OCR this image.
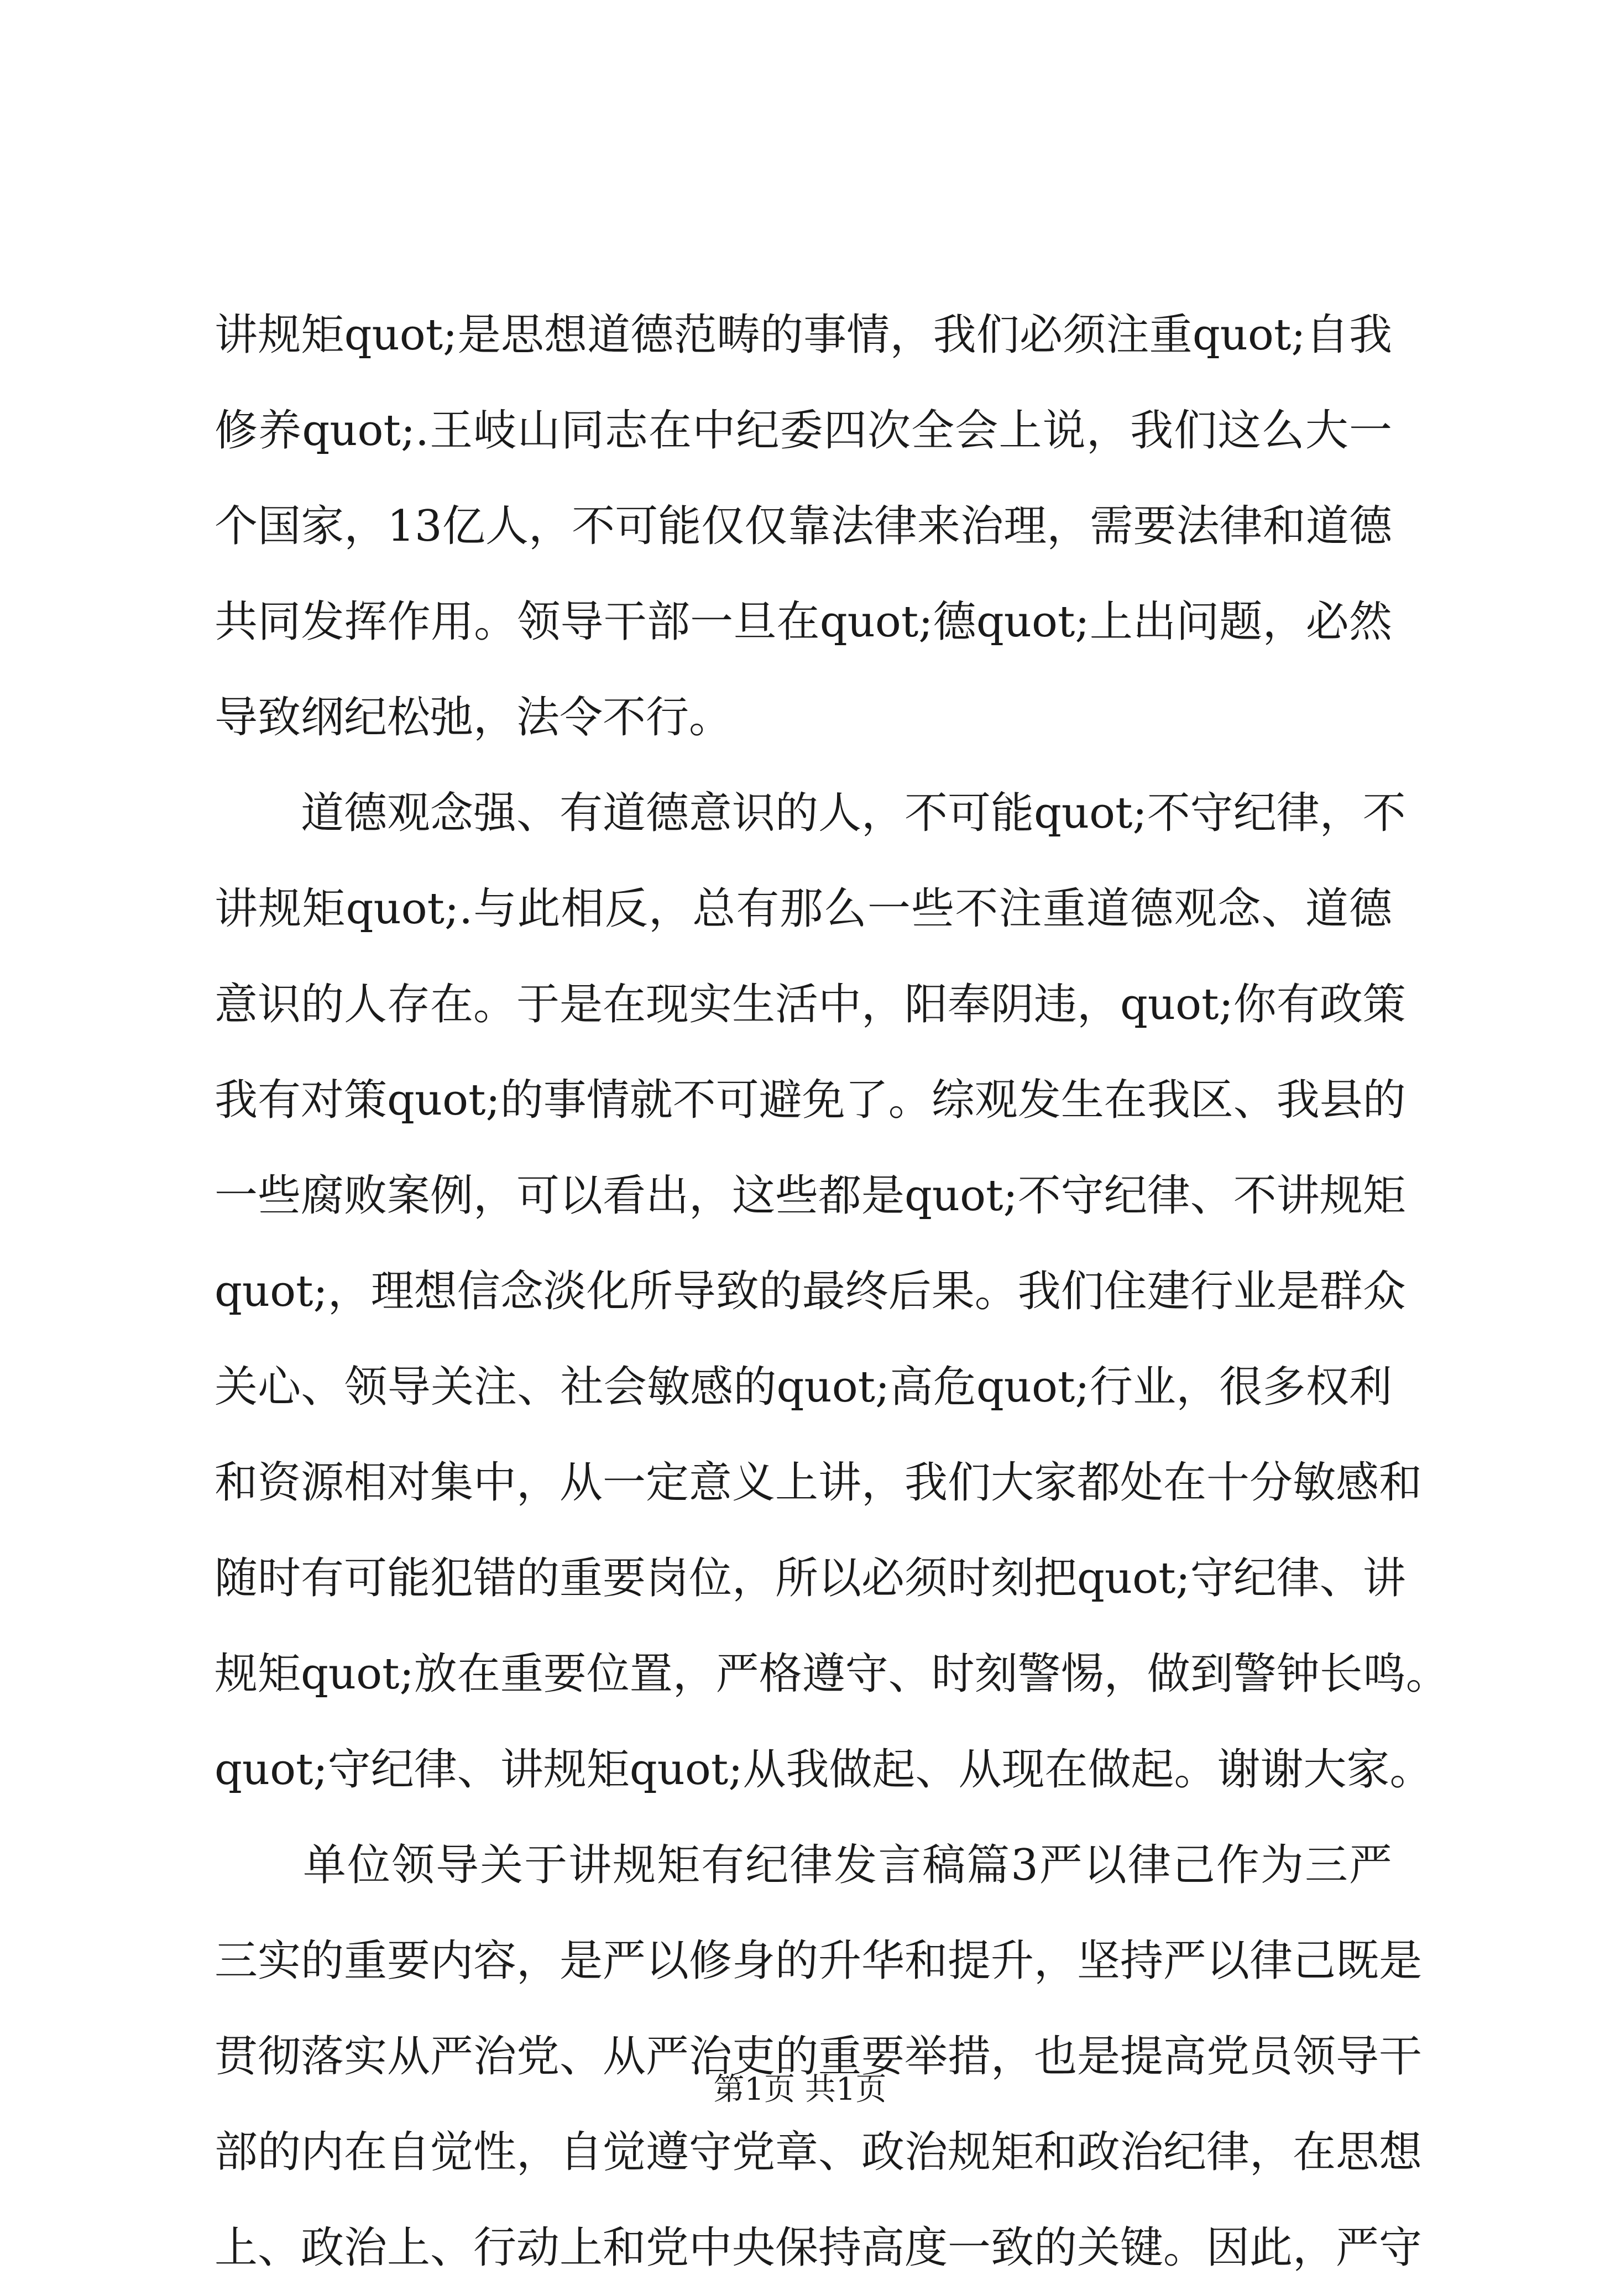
讲规矩quot;是思想道德范畴的事情，我们必须注重quot;自我
修养quot;.王岐山同志在中纪委四次全会上说，我们这么大一
个国家，13亿人，不可能仅仅靠法律来治理，需要法律和道德
共同发挥作用。领导干部一旦在quot;德quot;上出问题，必然
导致纲纪松弛，法令不行。
　　道德观念强、有道德意识的人，不可能quot;不守纪律，不
讲规矩quot;.与此相反，总有那么一些不注重道德观念、道德
意识的人存在。于是在现实生活中，阳奉阴违，quot;你有政策
我有对策quot;的事情就不可避免了。综观发生在我区、我县的
一些腐败案例，可以看出，这些都是quot;不守纪律、不讲规矩
quot;，理想信念淡化所导致的最终后果。我们住建行业是群众
关心、领导关注、社会敏感的quot;高危quot;行业，很多权利
和资源相对集中，从一定意义上讲，我们大家都处在十分敏感和
随时有可能犯错的重要岗位，所以必须时刻把quot;守纪律、讲
规矩quot;放在重要位置，严格遵守、时刻警惕，做到警钟长鸣。
quot;守纪律、讲规矩quot;从我做起、从现在做起。谢谢大家。
　　单位领导关于讲规矩有纪律发言稿篇3严以律己作为三严
三实的重要内容，是严以修身的升华和提升，坚持严以律己既是
贯彻落实从严治党、从严治吏的重要举措，也是提高党员领导干
部的内在自觉性，自觉遵守党章、政治规矩和政治纪律，在思想
上、政治上、行动上和党中央保持高度一致的关键。因此，严守
第1页 共1页
